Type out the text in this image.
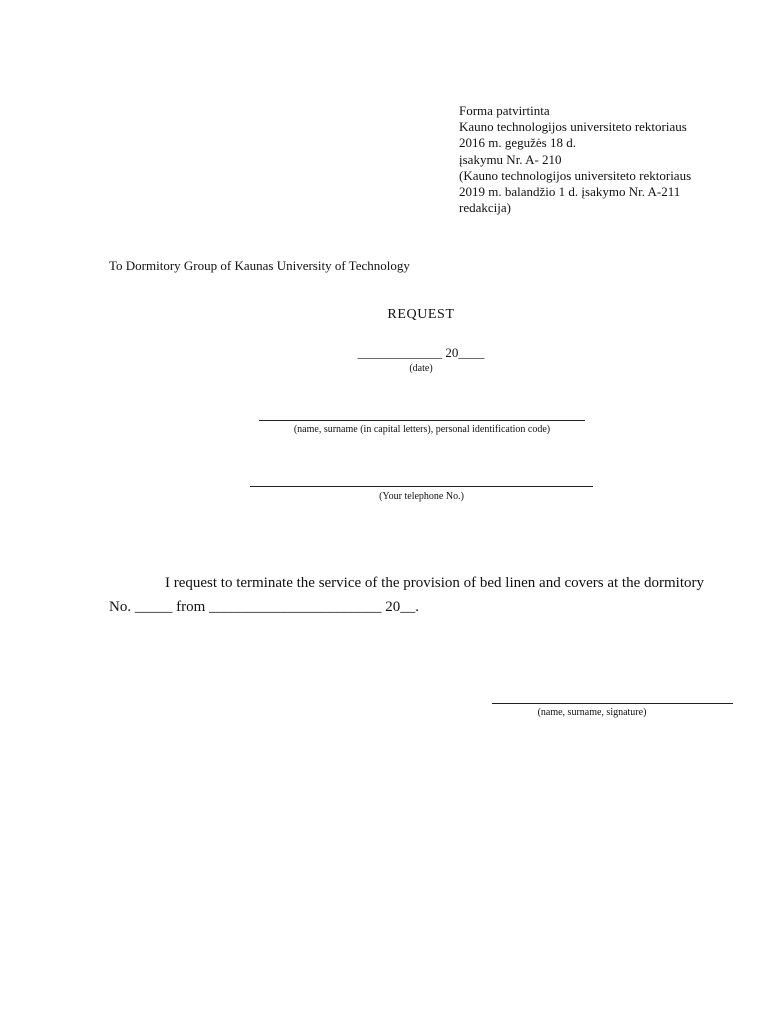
Forma patvirtinta
Kauno technologijos universiteto rektoriaus
2016 m. gegužės 18 d.
įsakymu Nr. A- 210
(Kauno technologijos universiteto rektoriaus
2019 m. balandžio 1 d. įsakymo Nr. A-211
redakcija)
To Dormitory Group of Kaunas University of Technology
REQUEST
_____________ 20____
(date)
(name, surname (in capital letters), personal identification code)
(Your telephone No.)
I request to terminate the service of the provision of bed linen and covers at the dormitory
No. _____ from _______________________ 20__.
(name, surname, signature)
